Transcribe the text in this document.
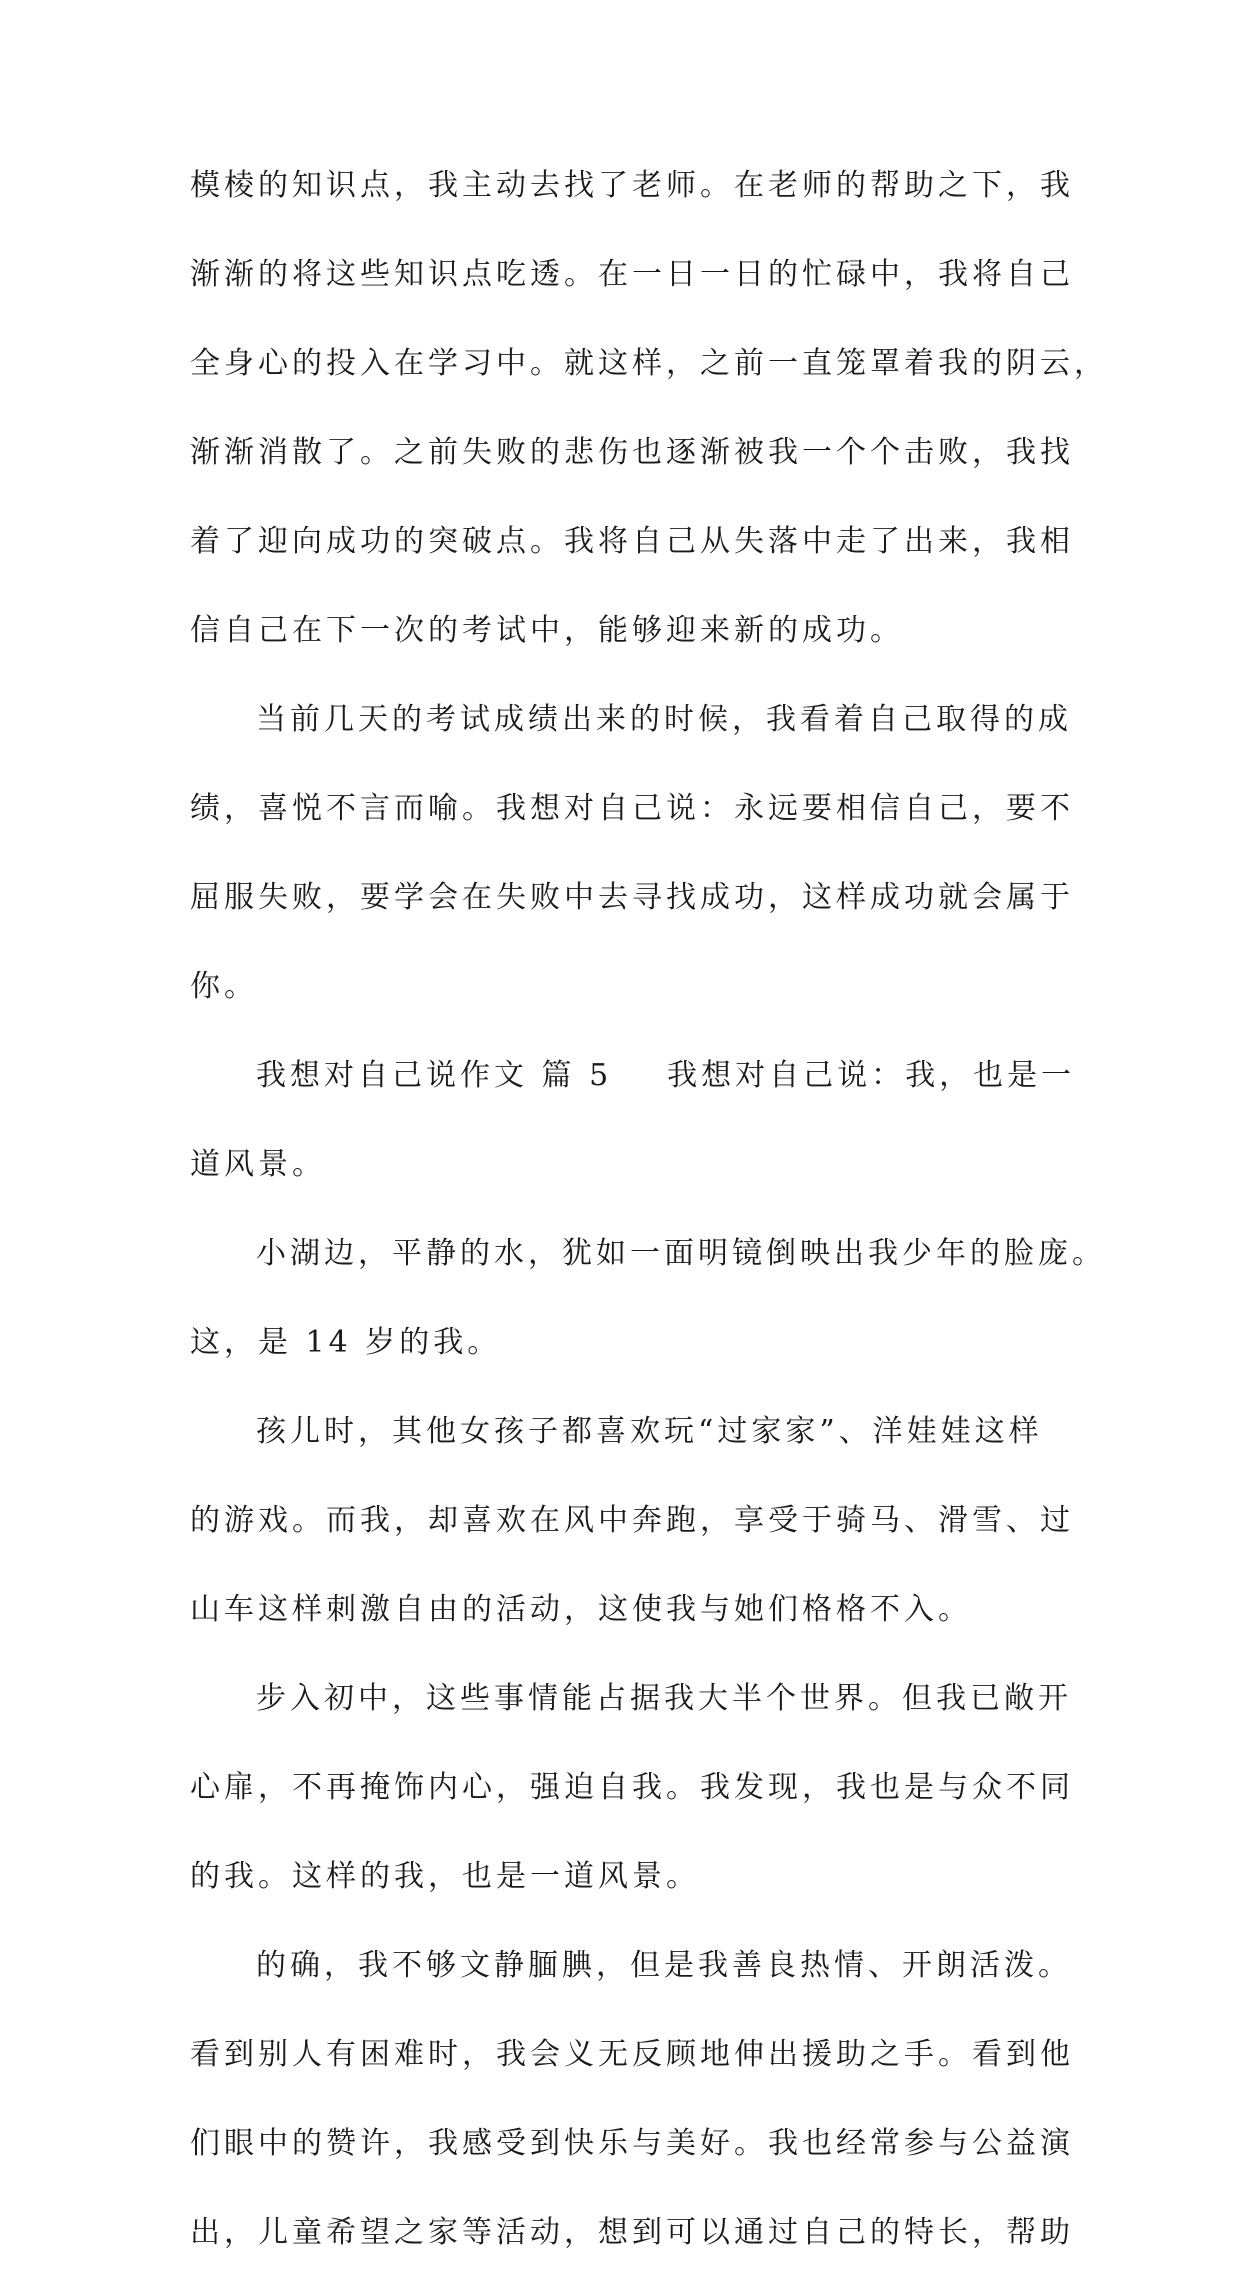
模棱的知识点，我主动去找了老师。在老师的帮助之下，我
渐渐的将这些知识点吃透。在一日一日的忙碌中，我将自己
全身心的投入在学习中。就这样，之前一直笼罩着我的阴云，
渐渐消散了。之前失败的悲伤也逐渐被我一个个击败，我找
着了迎向成功的突破点。我将自己从失落中走了出来，我相
信自己在下一次的考试中，能够迎来新的成功。
当前几天的考试成绩出来的时候，我看着自己取得的成
绩，喜悦不言而喻。我想对自己说：永远要相信自己，要不
屈服失败，要学会在失败中去寻找成功，这样成功就会属于
你。
我想对自己说作文 篇 5 我想对自己说：我，也是一
道风景。
小湖边，平静的水，犹如一面明镜倒映出我少年的脸庞。
这，是 14 岁的我。
孩儿时，其他女孩子都喜欢玩“过家家”、洋娃娃这样
的游戏。而我，却喜欢在风中奔跑，享受于骑马、滑雪、过
山车这样刺激自由的活动，这使我与她们格格不入。
步入初中，这些事情能占据我大半个世界。但我已敞开
心扉，不再掩饰内心，强迫自我。我发现，我也是与众不同
的我。这样的我，也是一道风景。
的确，我不够文静腼腆，但是我善良热情、开朗活泼。
看到别人有困难时，我会义无反顾地伸出援助之手。看到他
们眼中的赞许，我感受到快乐与美好。我也经常参与公益演
出，儿童希望之家等活动，想到可以通过自己的特长，帮助
